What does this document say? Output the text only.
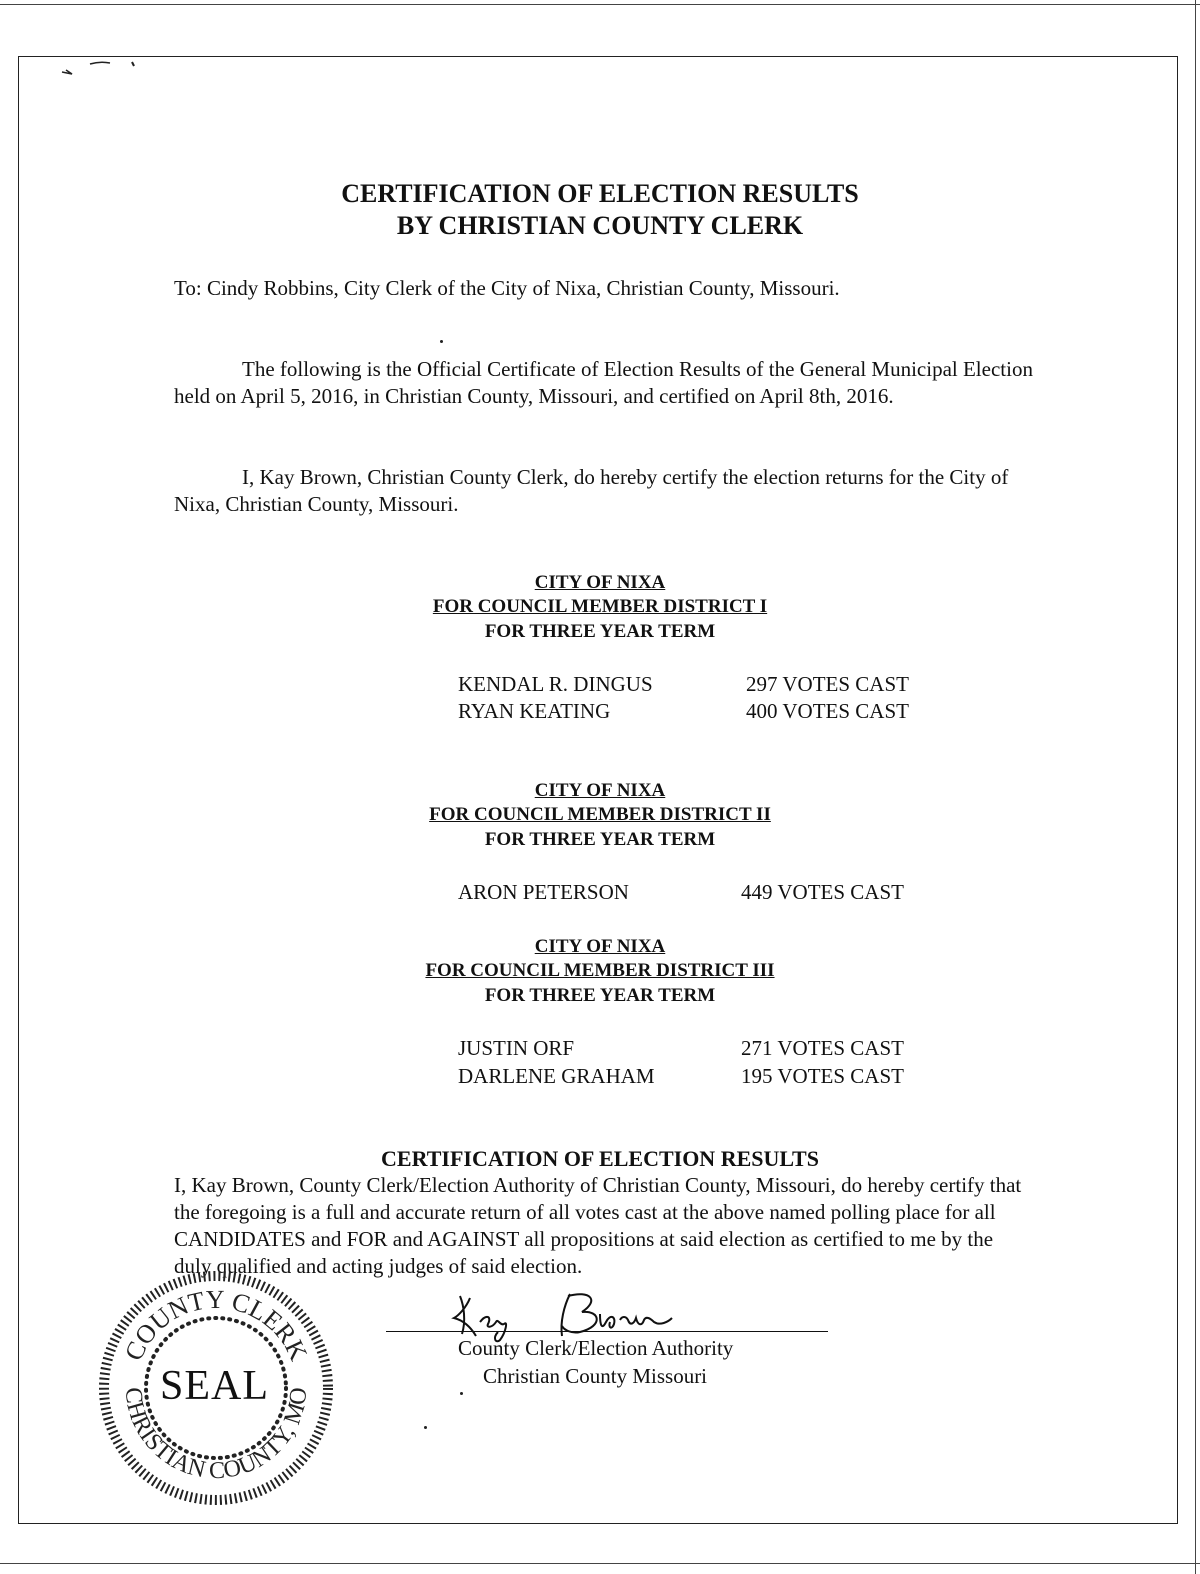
CERTIFICATION OF ELECTION RESULTS
BY CHRISTIAN COUNTY CLERK
To: Cindy Robbins, City Clerk of the City of Nixa, Christian County, Missouri.
The following is the Official Certificate of Election Results of the General Municipal Election held on April 5, 2016, in Christian County, Missouri, and certified on April 8th, 2016.
I, Kay Brown, Christian County Clerk, do hereby certify the election returns for the City of Nixa, Christian County, Missouri.
CITY OF NIXA
FOR COUNCIL MEMBER DISTRICT I
FOR THREE YEAR TERM
KENDAL R. DINGUS	297 VOTES CAST
RYAN KEATING	400 VOTES CAST
CITY OF NIXA
FOR COUNCIL MEMBER DISTRICT II
FOR THREE YEAR TERM
ARON PETERSON	449 VOTES CAST
CITY OF NIXA
FOR COUNCIL MEMBER DISTRICT III
FOR THREE YEAR TERM
JUSTIN ORF	271 VOTES CAST
DARLENE GRAHAM	195 VOTES CAST
CERTIFICATION OF ELECTION RESULTS
I, Kay Brown, County Clerk/Election Authority of Christian County, Missouri, do hereby certify that the foregoing is a full and accurate return of all votes cast at the above named polling place for all CANDIDATES and FOR and AGAINST all propositions at said election as certified to me by the duly qualified and acting judges of said election.
County Clerk/Election Authority
Christian County Missouri
COUNTY CLERK
CHRISTIAN COUNTY, MO
SEAL
